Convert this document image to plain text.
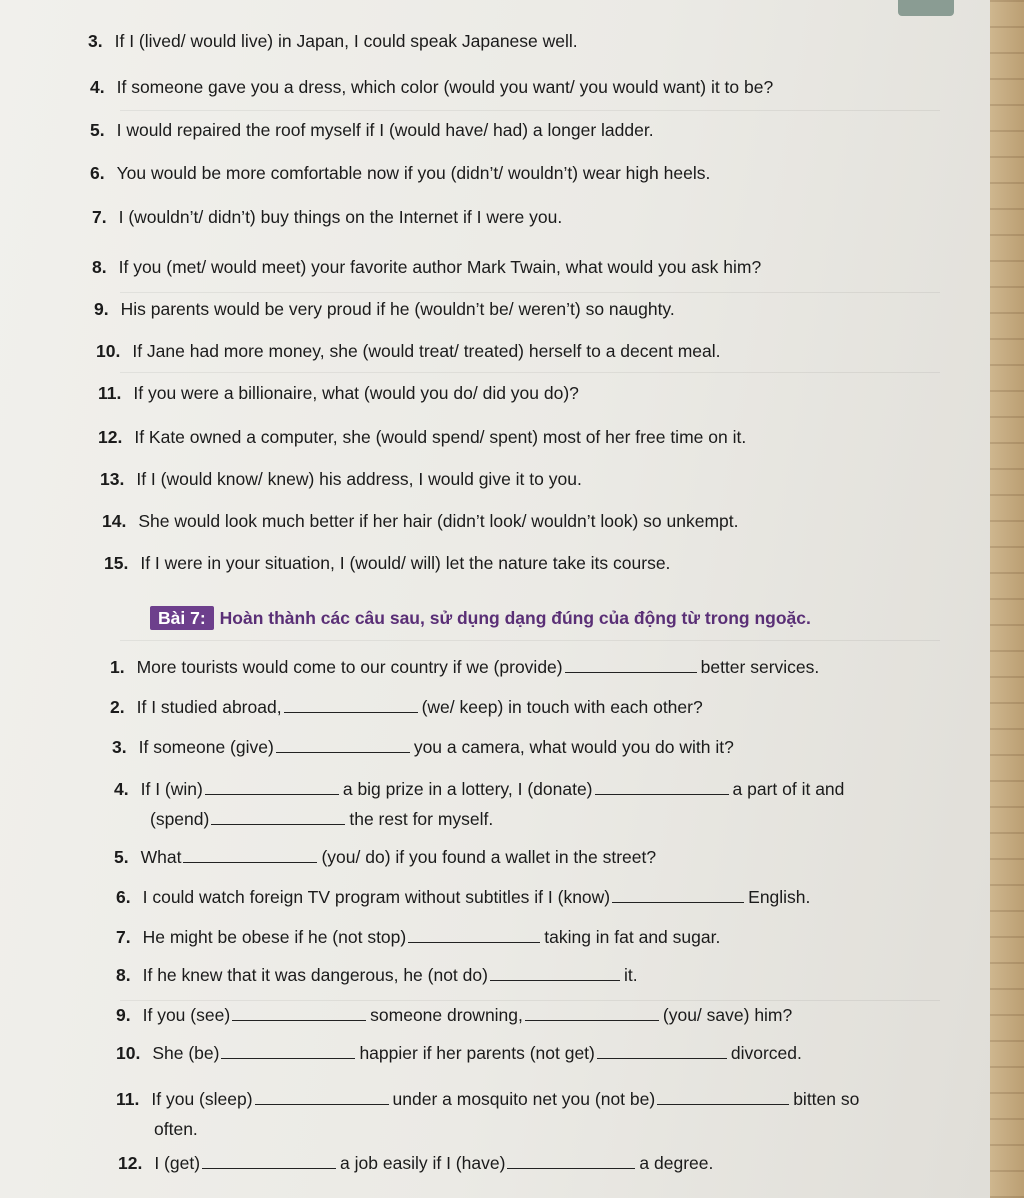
3. If I (lived/ would live) in Japan, I could speak Japanese well.
4. If someone gave you a dress, which color (would you want/ you would want) it to be?
5. I would repaired the roof myself if I (would have/ had) a longer ladder.
6. You would be more comfortable now if you (didn’t/ wouldn’t) wear high heels.
7. I (wouldn’t/ didn’t) buy things on the Internet if I were you.
8. If you (met/ would meet) your favorite author Mark Twain, what would you ask him?
9. His parents would be very proud if he (wouldn’t be/ weren’t) so naughty.
10. If Jane had more money, she (would treat/ treated) herself to a decent meal.
11. If you were a billionaire, what (would you do/ did you do)?
12. If Kate owned a computer, she (would spend/ spent) most of her free time on it.
13. If I (would know/ knew) his address, I would give it to you.
14. She would look much better if her hair (didn’t look/ wouldn’t look) so unkempt.
15. If I were in your situation, I (would/ will) let the nature take its course.
Bài 7: Hoàn thành các câu sau, sử dụng dạng đúng của động từ trong ngoặc.
1. More tourists would come to our country if we (provide)	better services.
2. If I studied abroad,	(we/ keep) in touch with each other?
3. If someone (give)	you a camera, what would you do with it?
4. If I (win)	a big prize in a lottery, I (donate)	a part of it and
(spend)	the rest for myself.
5. What	(you/ do) if you found a wallet in the street?
6. I could watch foreign TV program without subtitles if I (know)	English.
7. He might be obese if he (not stop)	taking in fat and sugar.
8. If he knew that it was dangerous, he (not do)	it.
9. If you (see)	someone drowning,	(you/ save) him?
10. She (be)	happier if her parents (not get)	divorced.
11. If you (sleep)	under a mosquito net you (not be)	bitten so
often.
12. I (get)	a job easily if I (have)	a degree.
